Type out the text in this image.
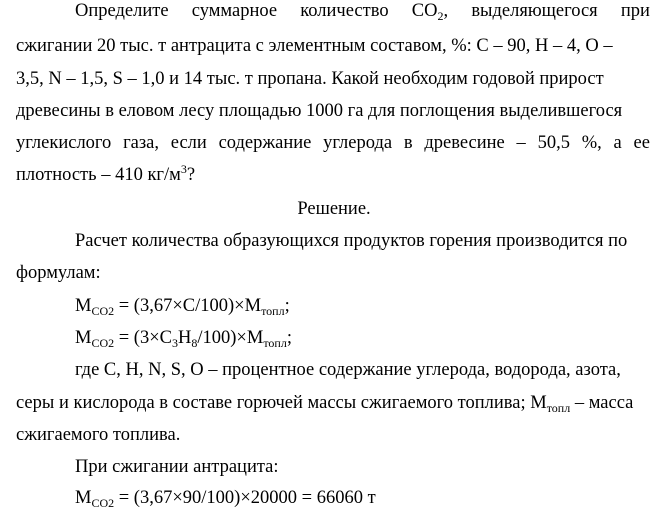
Определите суммарное количество $CO_2$, выделяющегося при
сжигании 20 тыс. т антрацита с элементным составом, %: С – 90, Н – 4, О –
3,5, N – 1,5, S – 1,0 и 14 тыс. т пропана. Какой необходим годовой прирост
древесины в еловом лесу площадью 1000 га для поглощения выделившегося
углекислого газа, если содержание углерода в древесине – 50,5 %, а ее
плотность – 410 $кг/м^3$?
Решение.
Расчет количества образующихся продуктов горения производится по
формулам:
$M_{CO2} = (3,67\times С/100)\times M_{топл}$;
$M_{CO2} = (3\times C_3H_8/100)\times M_{топл}$;
где С, H, N, S, O – процентное содержание углерода, водорода, азота,
серы и кислорода в составе горючей массы сжигаемого топлива; $M_{топл}$ – масса
сжигаемого топлива.
При сжигании антрацита:
$M_{CO2} = (3,67\times 90/100)\times 20000 = 66060$ т
